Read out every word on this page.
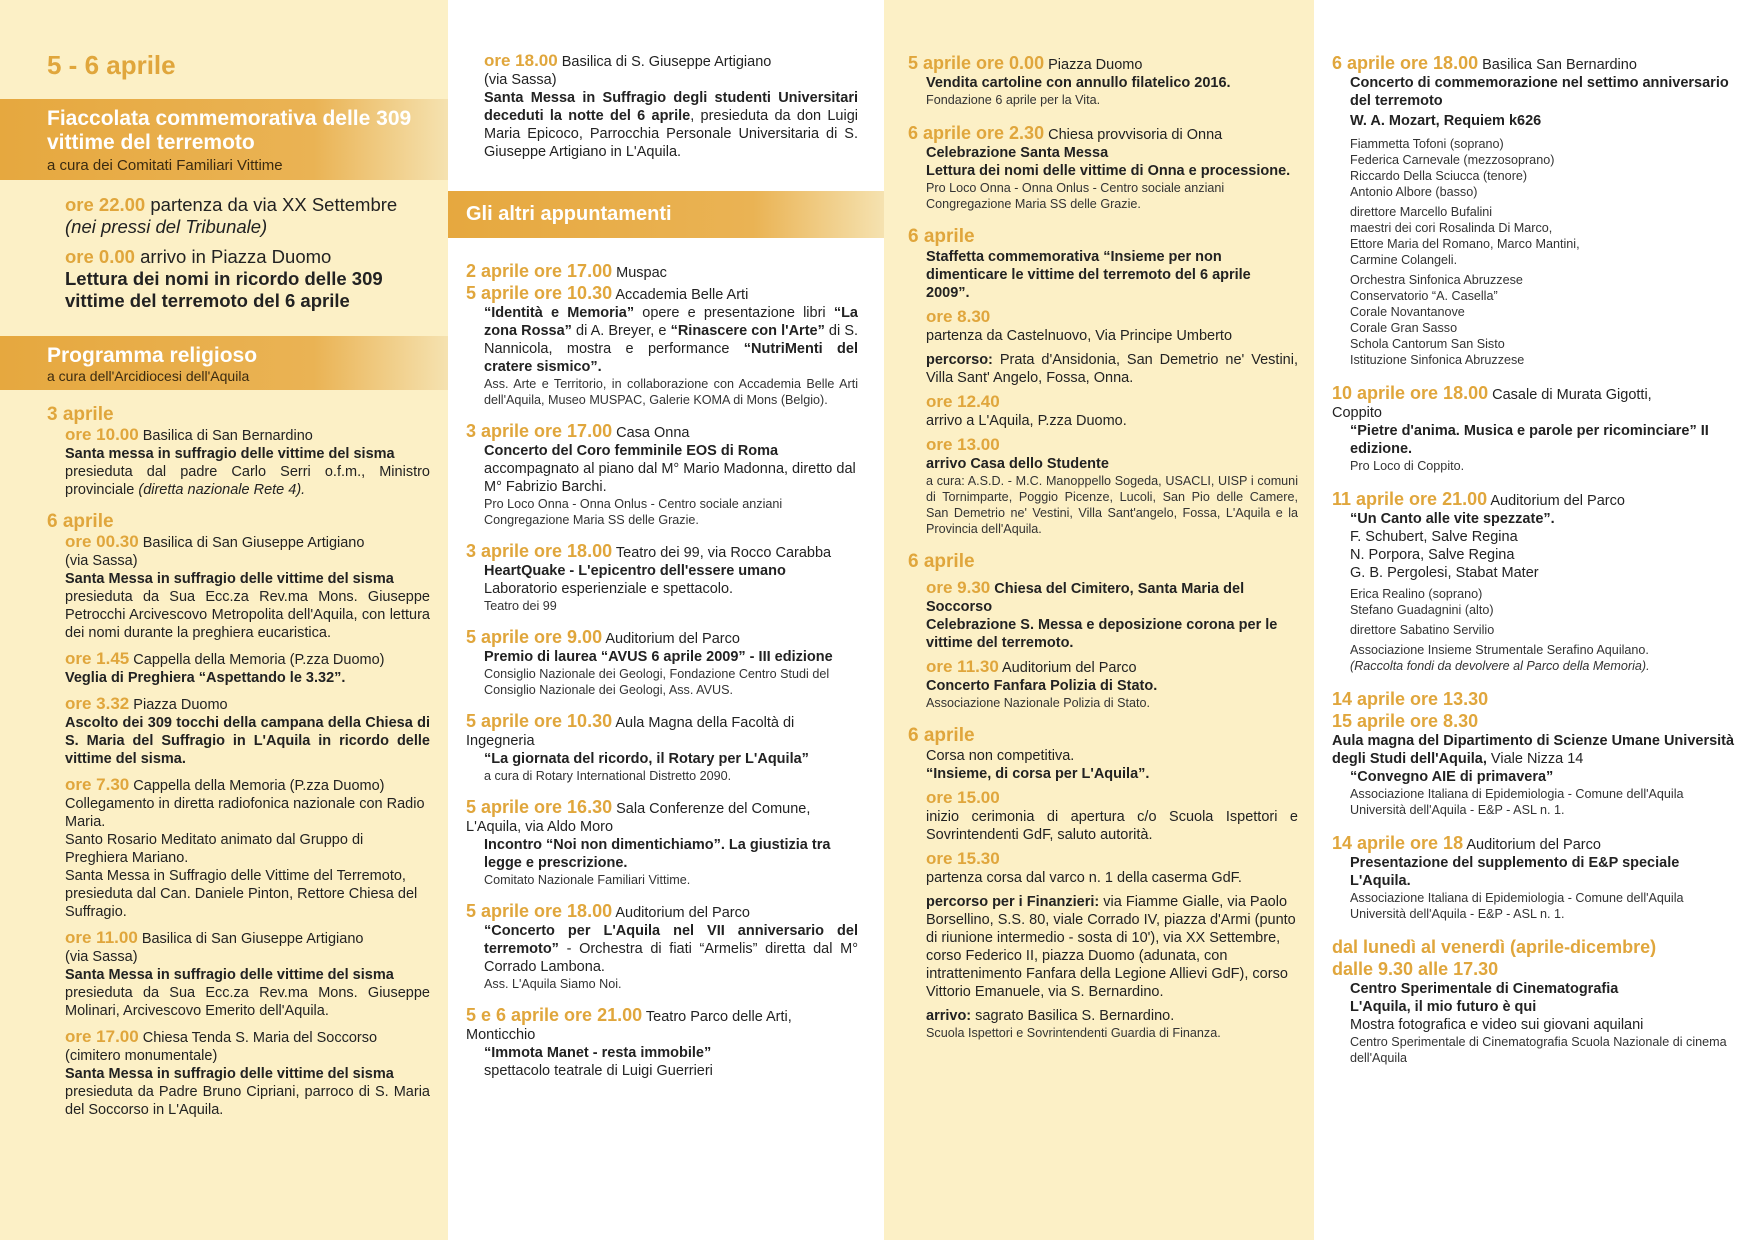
5 - 6 aprile
Fiaccolata commemorativa delle 309 vittime del terremoto
a cura dei Comitati Familiari Vittime

ore 22.00 partenza da via XX Settembre

(nei pressi del Tribunale)

ore 0.00 arrivo in Piazza Duomo

Lettura dei nomi in ricordo delle 309 vittime del terremoto del 6 aprile

Programma religioso
a cura dell'Arcidiocesi dell'Aquila
3 aprile

ore 10.00 Basilica di San Bernardino

Santa messa in suffragio delle vittime del sisma

presieduta dal padre Carlo Serri o.f.m., Ministro provinciale (diretta nazionale Rete 4).

6 aprile

ore 00.30 Basilica di San Giuseppe Artigiano

(via Sassa)

Santa Messa in suffragio delle vittime del sisma

presieduta da Sua Ecc.za Rev.ma Mons. Giuseppe Petrocchi Arcivescovo Metropolita dell'Aquila, con lettura dei nomi durante la preghiera eucaristica.

ore 1.45 Cappella della Memoria (P.zza Duomo)

Veglia di Preghiera “Aspettando le 3.32”.

ore 3.32 Piazza Duomo

Ascolto dei 309 tocchi della campana della Chiesa di S. Maria del Suffragio in L'Aquila in ricordo delle vittime del sisma.

ore 7.30 Cappella della Memoria (P.zza Duomo)

Collegamento in diretta radiofonica nazionale con Radio Maria.

Santo Rosario Meditato animato dal Gruppo di Preghiera Mariano.

Santa Messa in Suffragio delle Vittime del Terremoto, presieduta dal Can. Daniele Pinton, Rettore Chiesa del Suffragio.

ore 11.00 Basilica di San Giuseppe Artigiano

(via Sassa)

Santa Messa in suffragio delle vittime del sisma

presieduta da Sua Ecc.za Rev.ma Mons. Giuseppe Molinari, Arcivescovo Emerito dell'Aquila.

ore 17.00 Chiesa Tenda S. Maria del Soccorso

(cimitero monumentale)

Santa Messa in suffragio delle vittime del sisma

presieduta da Padre Bruno Cipriani, parroco di S. Maria del Soccorso in L'Aquila.

ore 18.00 Basilica di S. Giuseppe Artigiano

(via Sassa)

Santa Messa in Suffragio degli studenti Universitari deceduti la notte del 6 aprile, presieduta da don Luigi Maria Epicoco, Parrocchia Personale Universitaria di S. Giuseppe Artigiano in L'Aquila.

Gli altri appuntamenti

2 aprile ore 17.00 Muspac

5 aprile ore 10.30 Accademia Belle Arti

“Identità e Memoria” opere e presentazione libri “La zona Rossa” di A. Breyer, e “Rinascere con l'Arte” di S. Nannicola, mostra e performance “NutriMenti del cratere sismico”.

Ass. Arte e Territorio, in collaborazione con Accademia Belle Arti dell'Aquila, Museo MUSPAC, Galerie KOMA di Mons (Belgio).

3 aprile ore 17.00 Casa Onna

Concerto del Coro femminile EOS di Roma

accompagnato al piano dal M° Mario Madonna, diretto dal M° Fabrizio Barchi.

Pro Loco Onna - Onna Onlus - Centro sociale anziani Congregazione Maria SS delle Grazie.

3 aprile ore 18.00 Teatro dei 99, via Rocco Carabba

HeartQuake - L'epicentro dell'essere umano

Laboratorio esperienziale e spettacolo.

Teatro dei 99

5 aprile ore 9.00 Auditorium del Parco

Premio di laurea “AVUS 6 aprile 2009” - III edizione

Consiglio Nazionale dei Geologi, Fondazione Centro Studi del Consiglio Nazionale dei Geologi, Ass. AVUS.

5 aprile ore 10.30 Aula Magna della Facoltà di Ingegneria

“La giornata del ricordo, il Rotary per L'Aquila”

a cura di Rotary International Distretto 2090.

5 aprile ore 16.30 Sala Conferenze del Comune,

L'Aquila, via Aldo Moro

Incontro “Noi non dimentichiamo”. La giustizia tra legge e prescrizione.

Comitato Nazionale Familiari Vittime.

5 aprile ore 18.00 Auditorium del Parco

“Concerto per L'Aquila nel VII anniversario del terremoto” - Orchestra di fiati “Armelis” diretta dal M° Corrado Lambona.

Ass. L'Aquila Siamo Noi.

5 e 6 aprile ore 21.00 Teatro Parco delle Arti,

Monticchio

“Immota Manet - resta immobile”

spettacolo teatrale di Luigi Guerrieri

5 aprile ore 0.00 Piazza Duomo

Vendita cartoline con annullo filatelico 2016.

Fondazione 6 aprile per la Vita.

6 aprile ore 2.30 Chiesa provvisoria di Onna

Celebrazione Santa Messa

Lettura dei nomi delle vittime di Onna e processione.

Pro Loco Onna - Onna Onlus - Centro sociale anziani Congregazione Maria SS delle Grazie.

6 aprile

Staffetta commemorativa “Insieme per non dimenticare le vittime del terremoto del 6 aprile 2009”.

ore 8.30

partenza da Castelnuovo, Via Principe Umberto

percorso: Prata d'Ansidonia, San Demetrio ne' Vestini, Villa Sant' Angelo, Fossa, Onna.

ore 12.40

arrivo a L'Aquila, P.zza Duomo.

ore 13.00

arrivo Casa dello Studente

a cura: A.S.D. - M.C. Manoppello Sogeda, USACLI, UISP i comuni di Tornimparte, Poggio Picenze, Lucoli, San Pio delle Camere, San Demetrio ne' Vestini, Villa Sant'angelo, Fossa, L'Aquila e la Provincia dell'Aquila.

6 aprile

ore 9.30 Chiesa del Cimitero, Santa Maria del Soccorso

Celebrazione S. Messa e deposizione corona per le vittime del terremoto.

ore 11.30 Auditorium del Parco

Concerto Fanfara Polizia di Stato.

Associazione Nazionale Polizia di Stato.

6 aprile

Corsa non competitiva.

“Insieme, di corsa per L'Aquila”.

ore 15.00

inizio cerimonia di apertura c/o Scuola Ispettori e Sovrintendenti GdF, saluto autorità.

ore 15.30

partenza corsa dal varco n. 1 della caserma GdF.

percorso per i Finanzieri: via Fiamme Gialle, via Paolo Borsellino, S.S. 80, viale Corrado IV, piazza d'Armi (punto di riunione intermedio - sosta di 10'), via XX Settembre, corso Federico II, piazza Duomo (adunata, con intrattenimento Fanfara della Legione Allievi GdF), corso Vittorio Emanuele, via S. Bernardino.

arrivo: sagrato Basilica S. Bernardino.

Scuola Ispettori e Sovrintendenti Guardia di Finanza.

6 aprile ore 18.00 Basilica San Bernardino

Concerto di commemorazione nel settimo anniversario del terremoto

W. A. Mozart, Requiem k626

Fiammetta Tofoni (soprano)

Federica Carnevale (mezzosoprano)

Riccardo Della Sciucca (tenore)

Antonio Albore (basso)

direttore Marcello Bufalini

maestri dei cori Rosalinda Di Marco,

Ettore Maria del Romano, Marco Mantini,

Carmine Colangeli.

Orchestra Sinfonica Abruzzese

Conservatorio “A. Casella”

Corale Novantanove

Corale Gran Sasso

Schola Cantorum San Sisto

Istituzione Sinfonica Abruzzese

10 aprile ore 18.00 Casale di Murata Gigotti,

Coppito

“Pietre d'anima. Musica e parole per ricominciare” II edizione.

Pro Loco di Coppito.

11 aprile ore 21.00 Auditorium del Parco

“Un Canto alle vite spezzate”.

F. Schubert, Salve Regina

N. Porpora, Salve Regina

G. B. Pergolesi, Stabat Mater

Erica Realino (soprano)

Stefano Guadagnini (alto)

direttore Sabatino Servilio

Associazione Insieme Strumentale Serafino Aquilano.

(Raccolta fondi da devolvere al Parco della Memoria).

14 aprile ore 13.30

15 aprile ore 8.30

Aula magna del Dipartimento di Scienze Umane Università degli Studi dell'Aquila, Viale Nizza 14

“Convegno AIE di primavera”

Associazione Italiana di Epidemiologia - Comune dell'Aquila Università dell'Aquila - E&P - ASL n. 1.

14 aprile ore 18 Auditorium del Parco

Presentazione del supplemento di E&P speciale L'Aquila.

Associazione Italiana di Epidemiologia - Comune dell'Aquila Università dell'Aquila - E&P - ASL n. 1.

dal lunedì al venerdì (aprile-dicembre)

dalle 9.30 alle 17.30

Centro Sperimentale di Cinematografia

L'Aquila, il mio futuro è qui

Mostra fotografica e video sui giovani aquilani

Centro Sperimentale di Cinematografia Scuola Nazionale di cinema dell'Aquila
